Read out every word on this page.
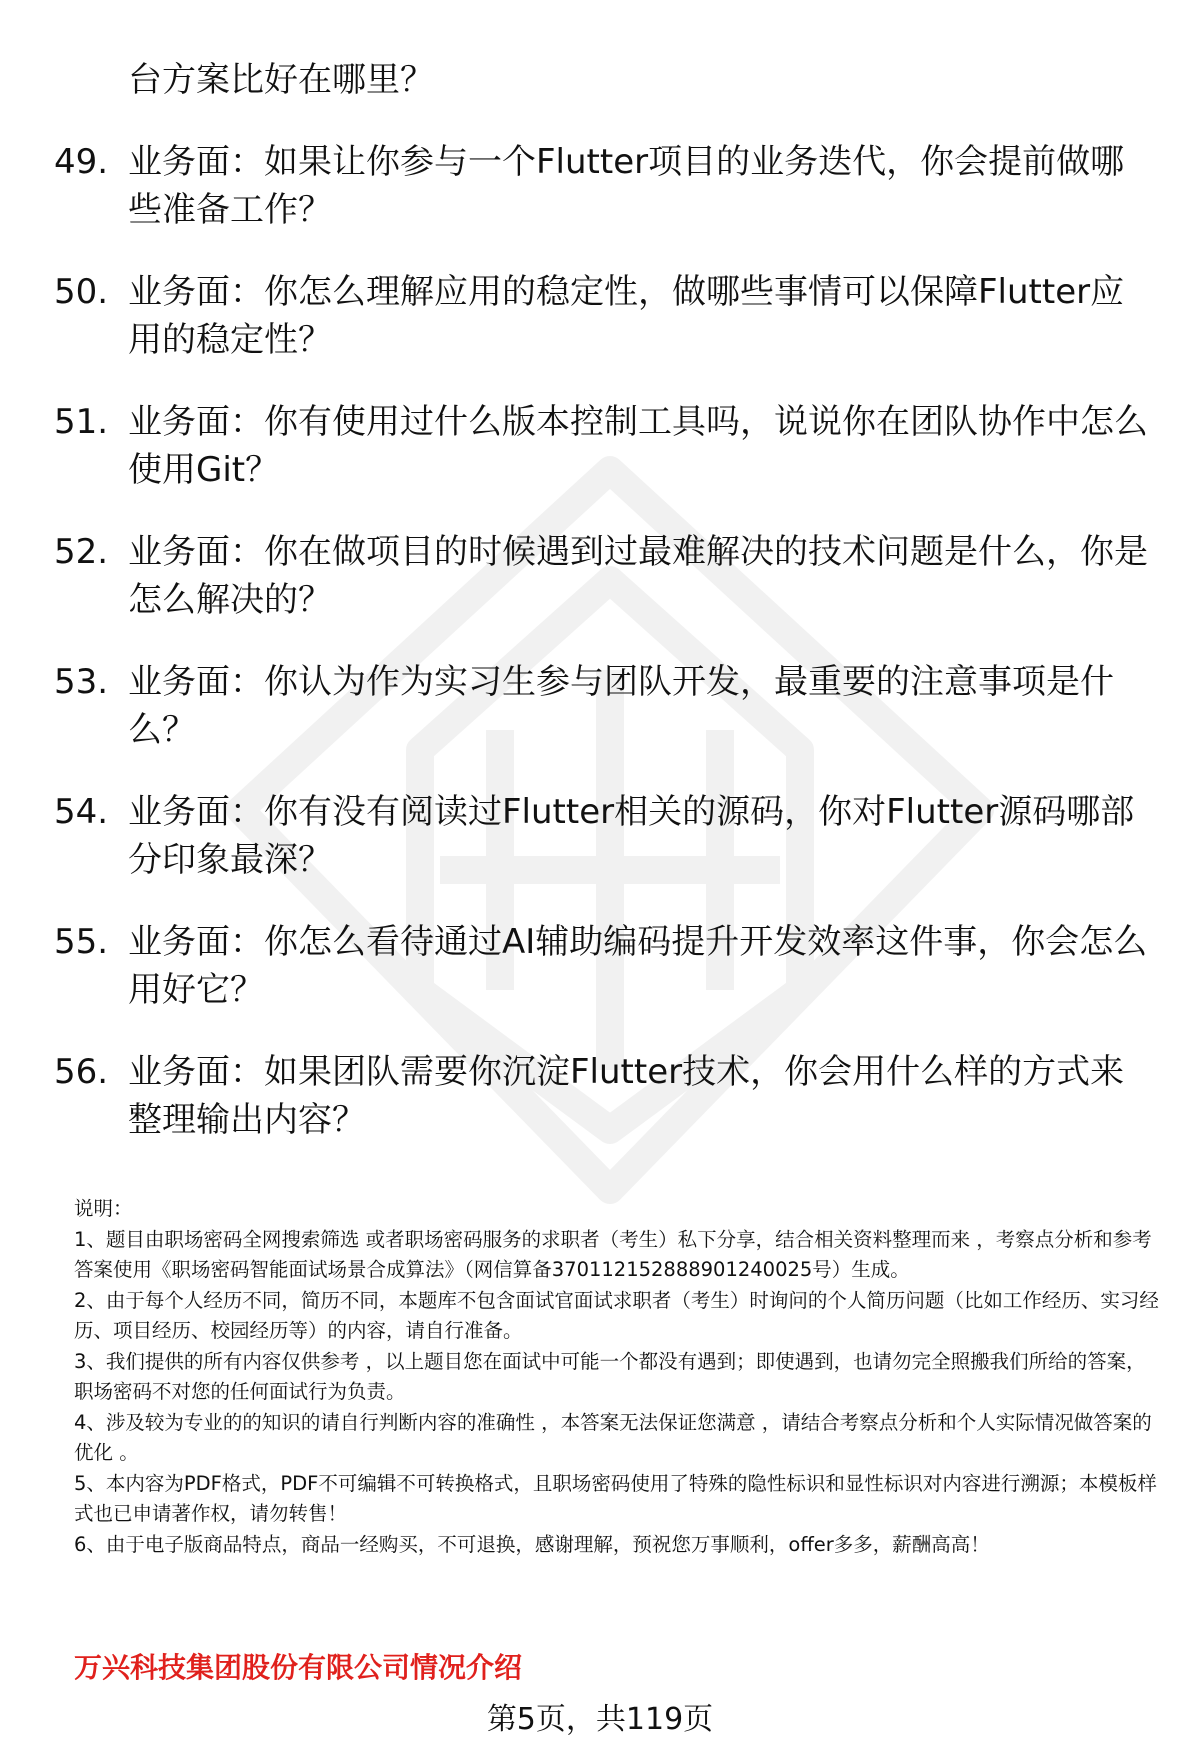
台方案比好在哪里？
49. 业务面：如果让你参与一个Flutter项目的业务迭代，你会提前做哪些准备工作？
50. 业务面：你怎么理解应用的稳定性，做哪些事情可以保障Flutter应用的稳定性？
51. 业务面：你有使用过什么版本控制工具吗，说说你在团队协作中怎么使用Git？
52. 业务面：你在做项目的时候遇到过最难解决的技术问题是什么，你是怎么解决的？
53. 业务面：你认为作为实习生参与团队开发，最重要的注意事项是什么？
54. 业务面：你有没有阅读过Flutter相关的源码，你对Flutter源码哪部分印象最深？
55. 业务面：你怎么看待通过AI辅助编码提升开发效率这件事，你会怎么用好它？
56. 业务面：如果团队需要你沉淀Flutter技术，你会用什么样的方式来整理输出内容？

说明：

1、题目由职场密码全网搜索筛选 或者职场密码服务的求职者（考生）私下分享，结合相关资料整理而来 ，考察点分析和参考答案使用《职场密码智能面试场景合成算法》（网信算备370112152888901240025号）生成。

2、由于每个人经历不同，简历不同，本题库不包含面试官面试求职者（考生）时询问的个人简历问题（比如工作经历、实习经历、项目经历、校园经历等）的内容，请自行准备。

3、我们提供的所有内容仅供参考 ，以上题目您在面试中可能一个都没有遇到；即使遇到，也请勿完全照搬我们所给的答案，职场密码不对您的任何面试行为负责。

4、涉及较为专业的的知识的请自行判断内容的准确性 ，本答案无法保证您满意 ，请结合考察点分析和个人实际情况做答案的优化 。

5、本内容为PDF格式，PDF不可编辑不可转换格式，且职场密码使用了特殊的隐性标识和显性标识对内容进行溯源；本模板样式也已申请著作权，请勿转售！

6、由于电子版商品特点，商品一经购买，不可退换，感谢理解，预祝您万事顺利，offer多多，薪酬高高！

万兴科技集团股份有限公司情况介绍
第5页，共119页
